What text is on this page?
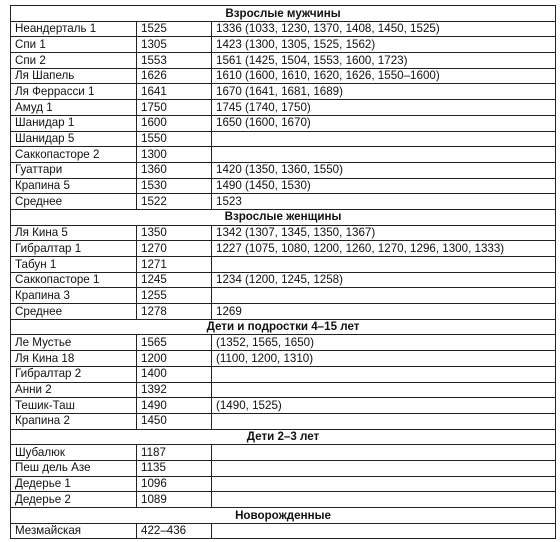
Взрослые мужчины		
Неандерталь 1	1525	1336 (1033, 1230, 1370, 1408, 1450, 1525)
Спи 1	1305	1423 (1300, 1305, 1525, 1562)
Спи 2	1553	1561 (1425, 1504, 1553, 1600, 1723)
Ля Шапель	1626	1610 (1600, 1610, 1620, 1626, 1550–1600)
Ля Феррасси 1	1641	1670 (1641, 1681, 1689)
Амуд 1	1750	1745 (1740, 1750)
Шанидар 1	1600	1650 (1600, 1670)
Шанидар 5	1550	
Саккопасторе 2	1300	
Гуаттари	1360	1420 (1350, 1360, 1550)
Крапина 5	1530	1490 (1450, 1530)
Среднее	1522	1523
Взрослые женщины		
Ля Кина 5	1350	1342 (1307, 1345, 1350, 1367)
Гибралтар 1	1270	1227 (1075, 1080, 1200, 1260, 1270, 1296, 1300, 1333)
Табун 1	1271	
Саккопасторе 1	1245	1234 (1200, 1245, 1258)
Крапина 3	1255	
Среднее	1278	1269
Дети и подростки 4–15 лет		
Ле Мустье	1565	(1352, 1565, 1650)
Ля Кина 18	1200	(1100, 1200, 1310)
Гибралтар 2	1400	
Анни 2	1392	
Тешик-Таш	1490	(1490, 1525)
Крапина 2	1450	
Дети 2–3 лет		
Шубалюк	1187	
Пеш дель Азе	1135	
Дедерье 1	1096	
Дедерье 2	1089	
Новорожденные		
Мезмайская	422–436	
